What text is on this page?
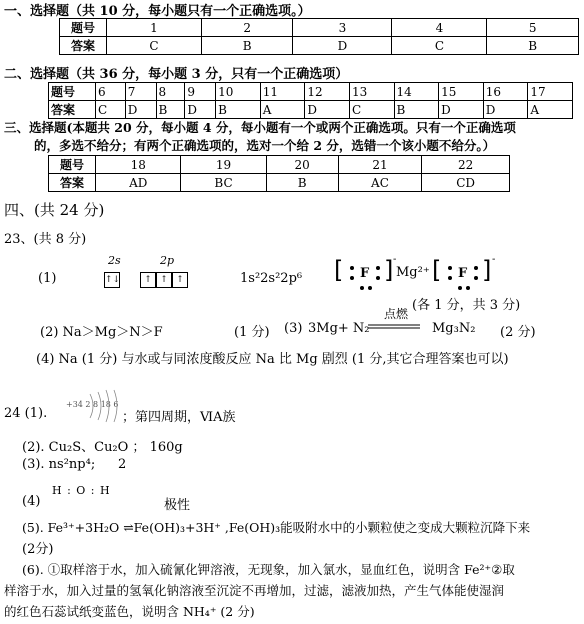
一、选择题（共 10 分，每小题只有一个正确选项。）
题号	1	2	3	4	5
答案	C	B	D	C	B
二、选择题（共 36 分，每小题 3 分，只有一个正确选项）
题号	6	7	8	9	10	11	12	13	14	15	16	17
答案	C	D	B	D	B	A	D	C	B	D	D	A
三、选择题(本题共 20 分，每小题 4 分，每小题有一个或两个正确选项。只有一个正确选项
的，多选不给分；有两个正确选项的，选对一个给 2 分，选错一个该小题不给分。）
题号	18	19	20	21	22
答案	AD	BC	B	AC	CD
四、(共 24 分)
23、(共 8 分)
(1)
2s	2p
↑↓	↑ ↑ ↑	1s²2s²2p⁶ [ F ] -
Mg²⁺ [ F ] -
(各 1 分，共 3 分)
(2) Na＞Mg＞N＞F	(1 分) (3) 3Mg+ N₂
点燃
Mg₃N₂ (2 分)
(4) Na (1 分) 与水或与同浓度酸反应 Na 比 Mg 剧烈 (1 分,其它合理答案也可以)
24 (1).
+34 2 8 18 6
；第四周期，ⅥA族
(2). Cu₂S、Cu₂O ； 160g
(3). ns²np⁴; 2
(4)
H : O : H
极性
(5). Fe³⁺+3H₂O ⇌Fe(OH)₃+3H⁺ ,Fe(OH)₃能吸附水中的小颗粒使之变成大颗粒沉降下来
(2分)
(6). ①取样溶于水，加入硫氰化钾溶液，无现象，加入氯水，显血红色，说明含 Fe²⁺②取
样溶于水，加入过量的氢氧化钠溶液至沉淀不再增加，过滤，滤液加热，产生气体能使湿润
的红色石蕊试纸变蓝色，说明含 NH₄⁺ (2 分)
